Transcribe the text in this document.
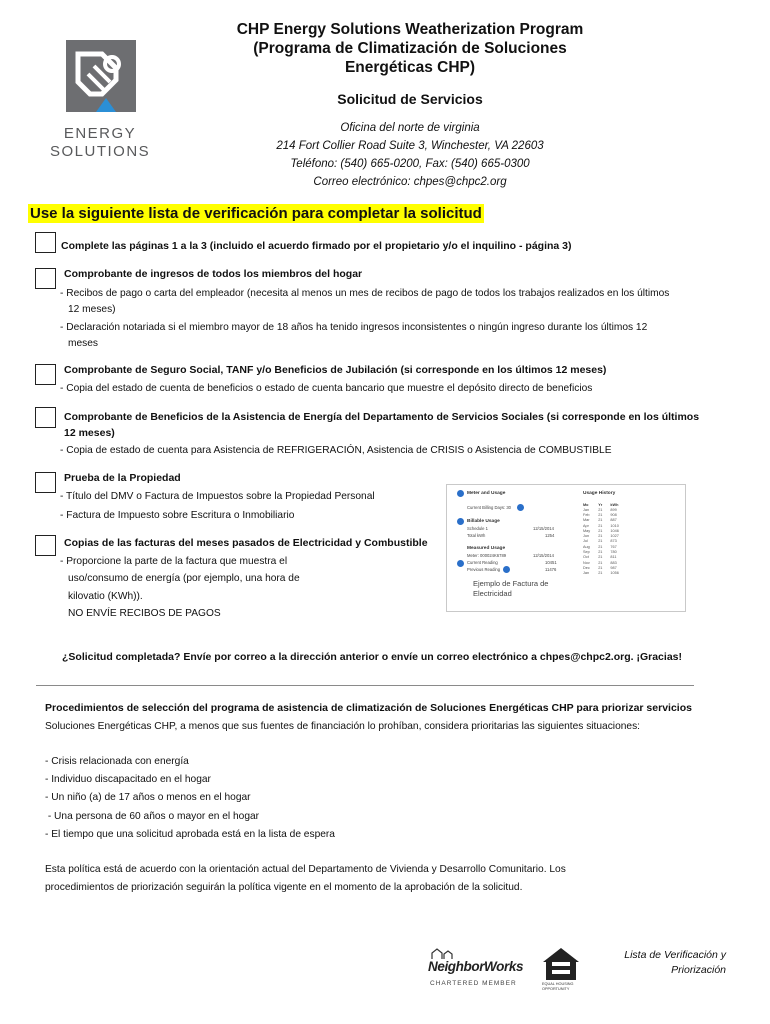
ENERGY
SOLUTIONS
CHP Energy Solutions Weatherization Program
(Programa de Climatización de Soluciones
Energéticas CHP)
Solicitud de Servicios
Oficina del norte de virginia
214 Fort Collier Road Suite 3, Winchester, VA 22603
Teléfono: (540) 665-0200, Fax: (540) 665-0300
Correo electrónico: chpes@chpc2.org
Use la siguiente lista de verificación para completar la solicitud
Complete las páginas 1 a la 3 (incluido el acuerdo firmado por el propietario y/o el inquilino - página 3)
Comprobante de ingresos de todos los miembros del hogar
- Recibos de pago o carta del empleador (necesita al menos un mes de recibos de pago de todos los trabajos realizados en los últimos
12 meses)
- Declaración notariada si el miembro mayor de 18 años ha tenido ingresos inconsistentes o ningún ingreso durante los últimos 12
meses
Comprobante de Seguro Social, TANF y/o Beneficios de Jubilación (si corresponde en los últimos 12 meses)
- Copia del estado de cuenta de beneficios o estado de cuenta bancario que muestre el depósito directo de beneficios
Comprobante de Beneficios de la Asistencia de Energía del Departamento de Servicios Sociales (si corresponde en los últimos
12 meses)
- Copia de estado de cuenta para Asistencia de REFRIGERACIÓN, Asistencia de CRISIS o Asistencia de COMBUSTIBLE
Prueba de la Propiedad
- Título del DMV o Factura de Impuestos sobre la Propiedad Personal
- Factura de Impuesto sobre Escritura o Inmobiliario
Copias de las facturas del meses pasados de Electricidad y Combustible
- Proporcione la parte de la factura que muestra el
uso/consumo de energía (por ejemplo, una hora de
kilovatio (KWh)).
NO ENVÍE RECIBOS DE PAGOS
Meter and Usage
Current Billing Days: 30
Billable Usage
Schedule 1	12/15/2014
Total kWh	1254
Measured Usage
Meter: 000024K6789	12/15/2014
Current Reading	10451
Previous Reading	11476
Usage History
Mo	Yr	kWh
Jan	21	899
Feb	21	908
Mar	21	887
Apr	21	1010
May	21	1046
Jun	21	1027
Jul	21	873
Aug	21	767
Sep	21	780
Oct	21	811
Nov	21	883
Dec	21	987
Jan	21	1056
Ejemplo de Factura de
Electricidad
¿Solicitud completada? Envíe por correo a la dirección anterior o envíe un correo electrónico a chpes@chpc2.org. ¡Gracias!
Procedimientos de selección del programa de asistencia de climatización de Soluciones Energéticas CHP para priorizar servicios
Soluciones Energéticas CHP, a menos que sus fuentes de financiación lo prohíban, considera prioritarias las siguientes situaciones:
- Crisis relacionada con energía
- Individuo discapacitado en el hogar
- Un niño (a) de 17 años o menos en el hogar
- Una persona de 60 años o mayor en el hogar
- El tiempo que una solicitud aprobada está en la lista de espera
Esta política está de acuerdo con la orientación actual del Departamento de Vivienda y Desarrollo Comunitario. Los
procedimientos de priorización seguirán la política vigente en el momento de la aprobación de la solicitud.
NeighborWorks
CHARTERED MEMBER	EQUAL HOUSING OPPORTUNITY
Lista de Verificación y
Priorización
